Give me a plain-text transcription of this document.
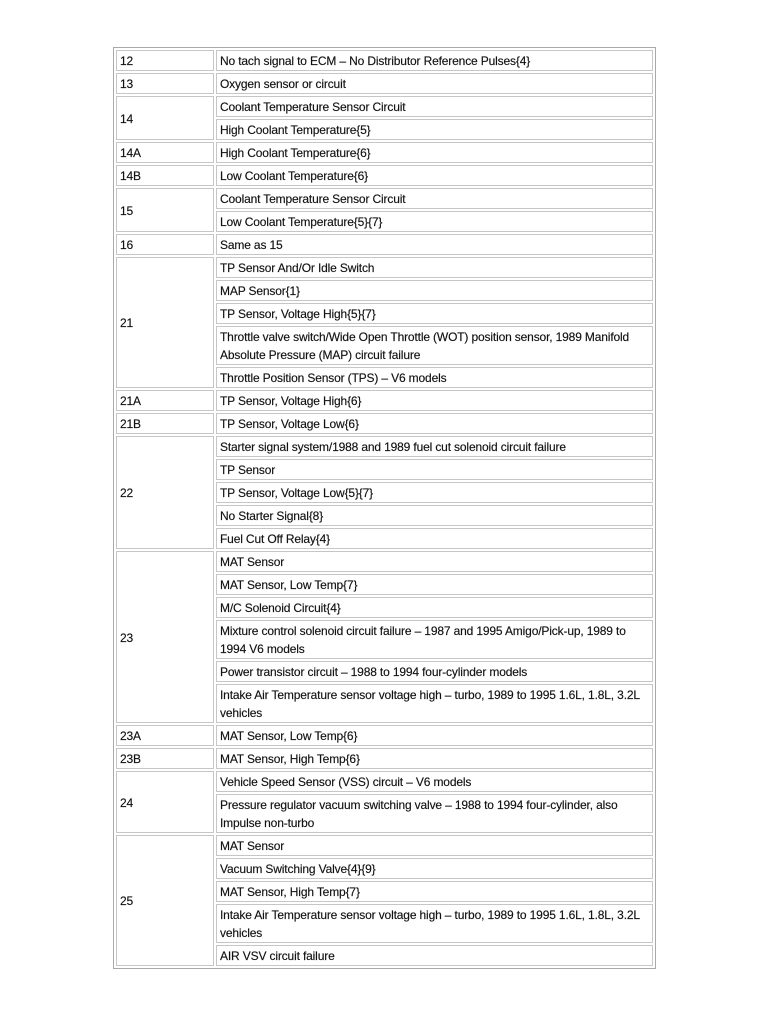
12	No tach signal to ECM – No Distributor Reference Pulses{4}
13	Oxygen sensor or circuit
14	Coolant Temperature Sensor Circuit
	High Coolant Temperature{5}
14A	High Coolant Temperature{6}
14B	Low Coolant Temperature{6}
15	Coolant Temperature Sensor Circuit
	Low Coolant Temperature{5}{7}
16	Same as 15
21	TP Sensor And/Or Idle Switch
	MAP Sensor{1}
	TP Sensor, Voltage High{5}{7}
	Throttle valve switch/Wide Open Throttle (WOT) position sensor, 1989 Manifold Absolute Pressure (MAP) circuit failure
	Throttle Position Sensor (TPS) – V6 models
21A	TP Sensor, Voltage High{6}
21B	TP Sensor, Voltage Low{6}
22	Starter signal system/1988 and 1989 fuel cut solenoid circuit failure
	TP Sensor
	TP Sensor, Voltage Low{5}{7}
	No Starter Signal{8}
	Fuel Cut Off Relay{4}
23	MAT Sensor
	MAT Sensor, Low Temp{7}
	M/C Solenoid Circuit{4}
	Mixture control solenoid circuit failure – 1987 and 1995 Amigo/Pick-up, 1989 to 1994 V6 models
	Power transistor circuit – 1988 to 1994 four-cylinder models
	Intake Air Temperature sensor voltage high – turbo, 1989 to 1995 1.6L, 1.8L, 3.2L vehicles
23A	MAT Sensor, Low Temp{6}
23B	MAT Sensor, High Temp{6}
24	Vehicle Speed Sensor (VSS) circuit – V6 models
	Pressure regulator vacuum switching valve – 1988 to 1994 four-cylinder, also Impulse non-turbo
25	MAT Sensor
	Vacuum Switching Valve{4}{9}
	MAT Sensor, High Temp{7}
	Intake Air Temperature sensor voltage high – turbo, 1989 to 1995 1.6L, 1.8L, 3.2L vehicles
	AIR VSV circuit failure
